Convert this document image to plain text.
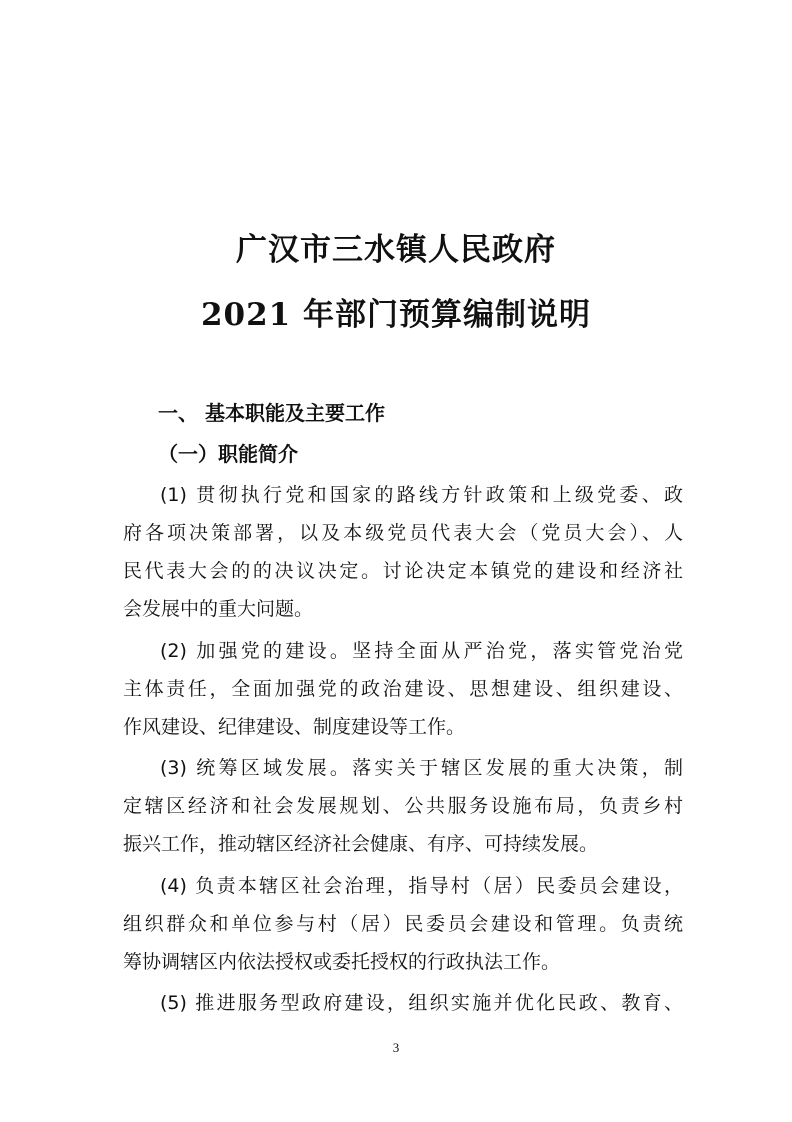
广汉市三水镇人民政府
2021 年部门预算编制说明
一、 基本职能及主要工作
（一）职能简介
(1) 贯彻执行党和国家的路线方针政策和上级党委、政
府各项决策部署，以及本级党员代表大会（党员大会）、人
民代表大会的的决议决定。讨论决定本镇党的建设和经济社
会发展中的重大问题。
(2) 加强党的建设。坚持全面从严治党，落实管党治党
主体责任，全面加强党的政治建设、思想建设、组织建设、
作风建设、纪律建设、制度建设等工作。
(3) 统筹区域发展。落实关于辖区发展的重大决策，制
定辖区经济和社会发展规划、公共服务设施布局，负责乡村
振兴工作，推动辖区经济社会健康、有序、可持续发展。
(4) 负责本辖区社会治理，指导村（居）民委员会建设，
组织群众和单位参与村（居）民委员会建设和管理。负责统
筹协调辖区内依法授权或委托授权的行政执法工作。
(5) 推进服务型政府建设，组织实施并优化民政、教育、
3
